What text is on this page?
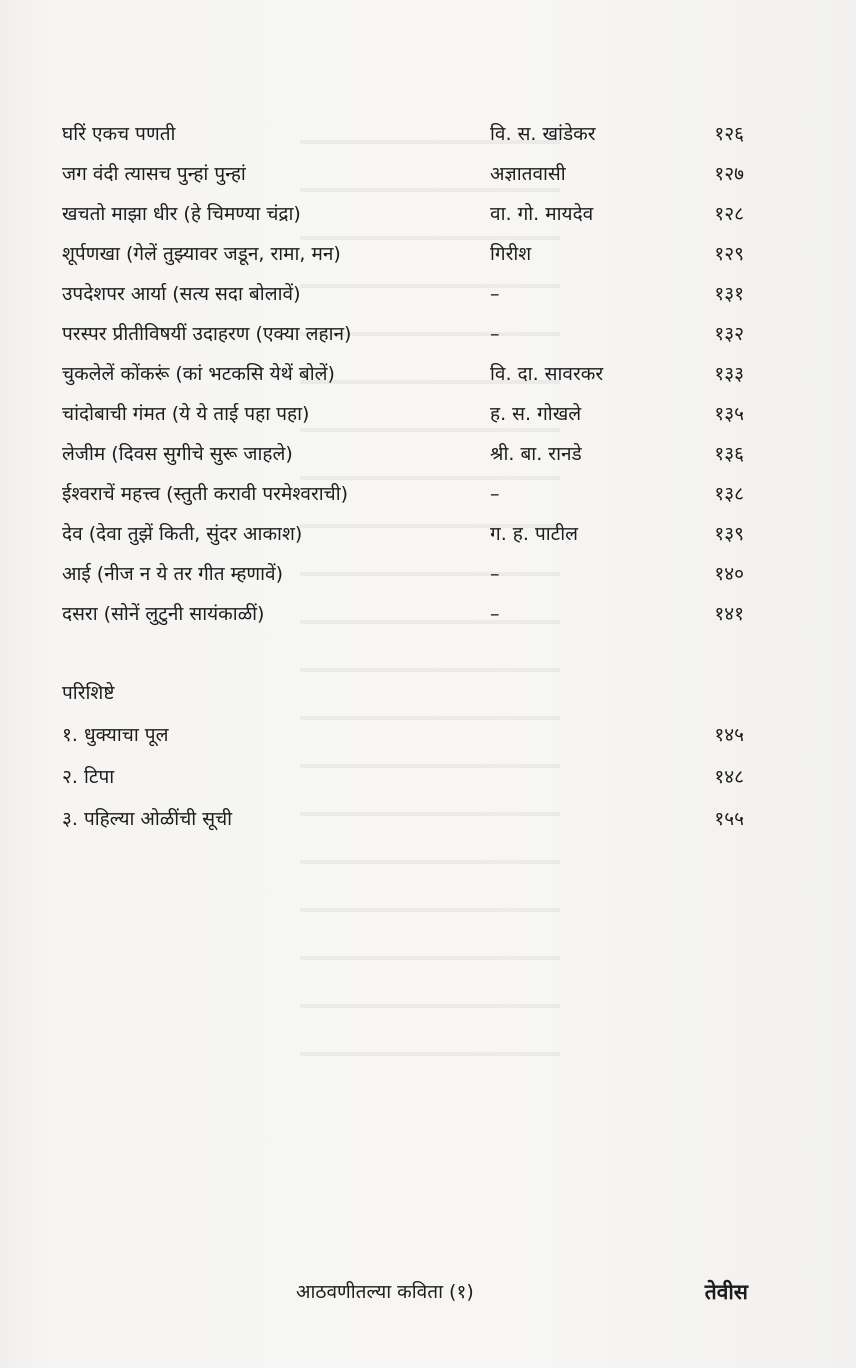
घरिं एकच पणती	वि. स. खांडेकर	१२६
जग वंदी त्यासच पुन्हां पुन्हां	अज्ञातवासी	१२७
खचतो माझा धीर (हे चिमण्या चंद्रा)	वा. गो. मायदेव	१२८
शूर्पणखा (गेलें तुझ्यावर जडून, रामा, मन)	गिरीश	१२९
उपदेशपर आर्या (सत्य सदा बोलावें)	–	१३१
परस्पर प्रीतीविषयीं उदाहरण (एक्या लहान)	–	१३२
चुकलेलें कोंकरूं (कां भटकसि येथें बोलें)	वि. दा. सावरकर	१३३
चांदोबाची गंमत (ये ये ताई पहा पहा)	ह. स. गोखले	१३५
लेजीम (दिवस सुगीचे सुरू जाहले)	श्री. बा. रानडे	१३६
ईश्वराचें महत्त्व (स्तुती करावी परमेश्वराची)	–	१३८
देव (देवा तुझें किती, सुंदर आकाश)	ग. ह. पाटील	१३९
आई (नीज न ये तर गीत म्हणावें)	–	१४०
दसरा (सोनें लुटुनी सायंकाळीं)	–	१४१
परिशिष्टे
१. धुक्याचा पूल	१४५
२. टिपा	१४८
३. पहिल्या ओळींची सूची	१५५
आठवणीतल्या कविता (१)	तेवीस
